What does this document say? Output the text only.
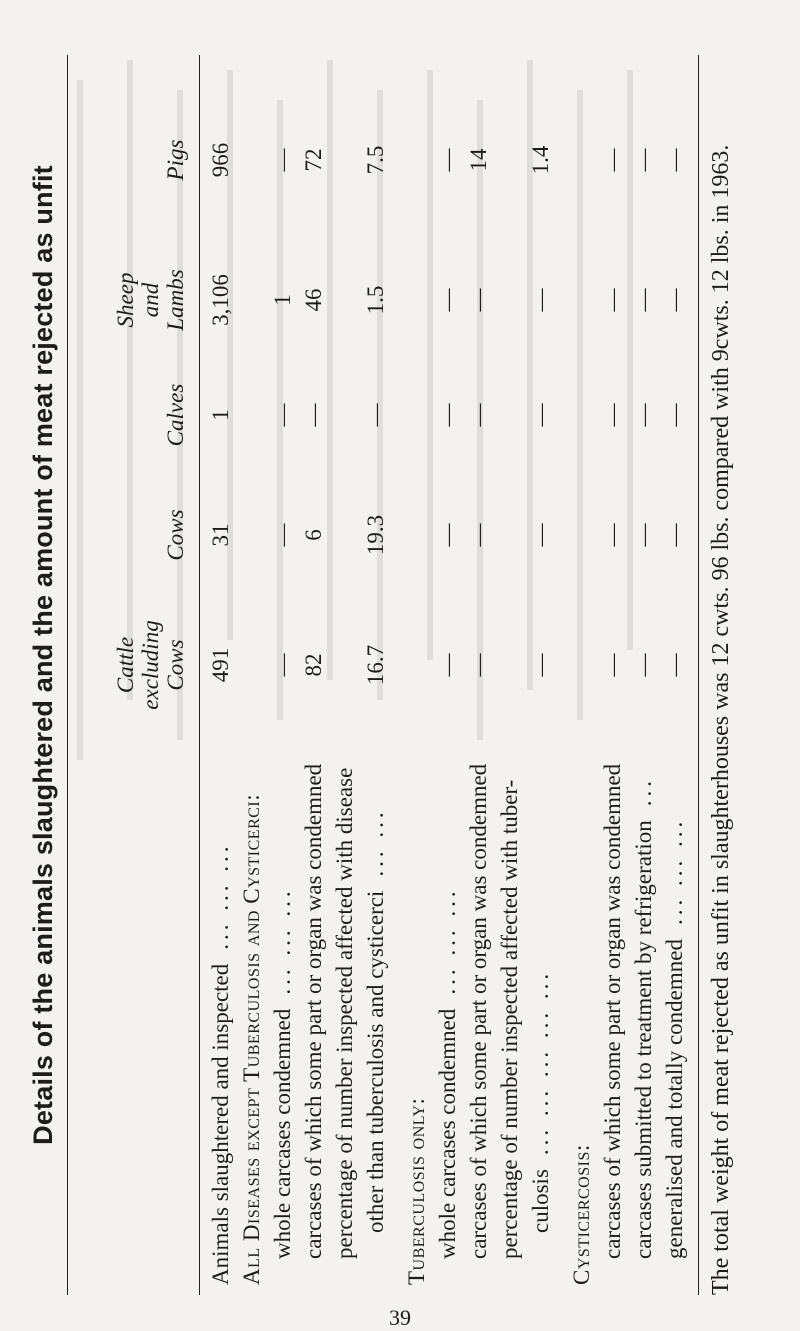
Details of the animals slaughtered and the amount of meat rejected as unfit Cattle excluding Cows
Cows
Calves
Sheep and Lambs
Pigs
Animals slaughtered and inspected... ... ...
491
31
1
3,106
966
All Diseases except Tuberculosis and Cysticerci: whole carcases condemned... ... ...
—
—
—
1
—
carcases of which some part or organ was condemned
82
6
—
46
72
percentage of number inspected affected with disease other than tuberculosis and cysticerci... ...
16.7
19.3
—
1.5
7.5
Tuberculosis only: whole carcases condemned... ... ...
—
—
—
—
—
carcases of which some part or organ was condemned
—
—
—
—
14
percentage of number inspected affected with tuber- culosis... ... ... ... ...
—
—
—
—
1.4
Cysticercosis: carcases of which some part or organ was condemned
—
—
—
—
—
carcases submitted to treatment by refrigeration...
—
—
—
—
—
generalised and totally condemned... ... ...
—
—
—
—
— The total weight of meat rejected as unfit in slaughterhouses was 12 cwts. 96 lbs. compared with 9cwts. 12 lbs. in 1963.
39
